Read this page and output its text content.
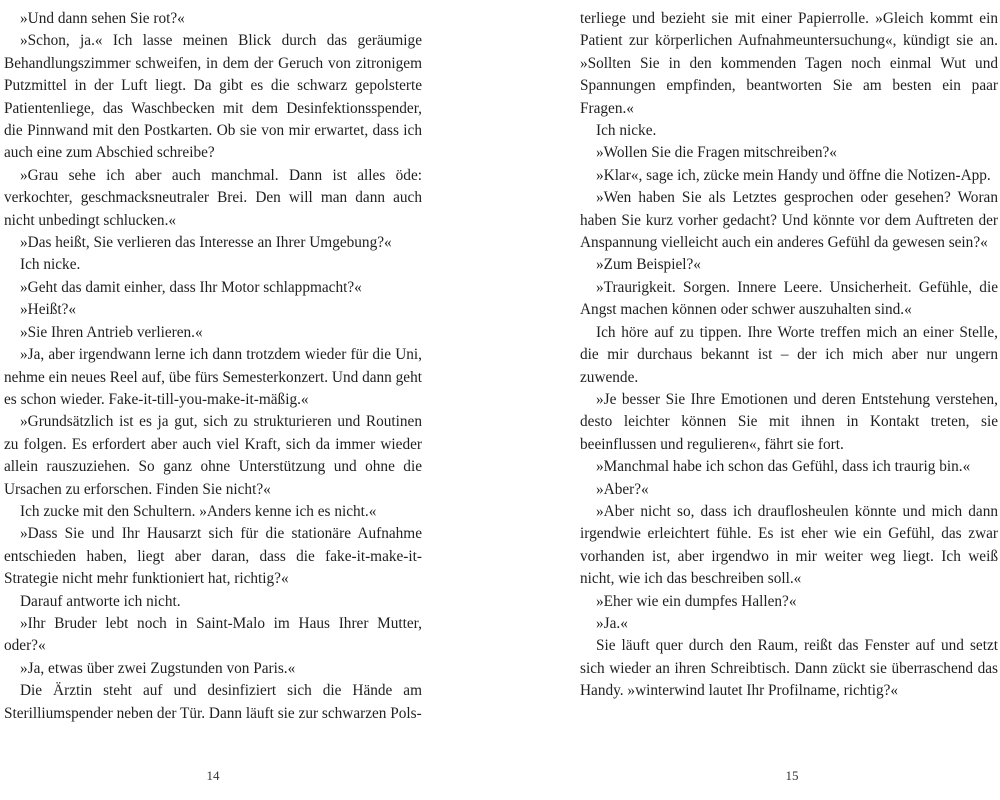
»Und dann sehen Sie rot?«

»Schon, ja.« Ich lasse meinen Blick durch das geräumige Behandlungszimmer schweifen, in dem der Geruch von zitronigem Putzmittel in der Luft liegt. Da gibt es die schwarz gepolsterte Patientenliege, das Waschbecken mit dem Desinfektionsspender, die Pinnwand mit den Postkarten. Ob sie von mir erwartet, dass ich auch eine zum Abschied schreibe?

»Grau sehe ich aber auch manchmal. Dann ist alles öde: verkochter, geschmacksneutraler Brei. Den will man dann auch nicht unbedingt schlucken.«

»Das heißt, Sie verlieren das Interesse an Ihrer Umgebung?«

Ich nicke.

»Geht das damit einher, dass Ihr Motor schlappmacht?«

»Heißt?«

»Sie Ihren Antrieb verlieren.«

»Ja, aber irgendwann lerne ich dann trotzdem wieder für die Uni, nehme ein neues Reel auf, übe fürs Semesterkonzert. Und dann geht es schon wieder. Fake-it-till-you-make-it-mäßig.«

»Grundsätzlich ist es ja gut, sich zu strukturieren und Routinen zu folgen. Es erfordert aber auch viel Kraft, sich da immer wieder allein rauszuziehen. So ganz ohne Unterstützung und ohne die Ursachen zu erforschen. Finden Sie nicht?«

Ich zucke mit den Schultern. »Anders kenne ich es nicht.«

»Dass Sie und Ihr Hausarzt sich für die stationäre Aufnahme entschieden haben, liegt aber daran, dass die fake-it-make-it-Strategie nicht mehr funktioniert hat, richtig?«

Darauf antworte ich nicht.

»Ihr Bruder lebt noch in Saint-Malo im Haus Ihrer Mutter, oder?«

»Ja, etwas über zwei Zugstunden von Paris.«

Die Ärztin steht auf und desinfiziert sich die Hände am Sterilliumspender neben der Tür. Dann läuft sie zur schwarzen Pols-

14

terliege und bezieht sie mit einer Papierrolle. »Gleich kommt ein Patient zur körperlichen Aufnahmeuntersuchung«, kündigt sie an. »Sollten Sie in den kommenden Tagen noch einmal Wut und Spannungen empfinden, beantworten Sie am besten ein paar Fragen.«

Ich nicke.

»Wollen Sie die Fragen mitschreiben?«

»Klar«, sage ich, zücke mein Handy und öffne die Notizen-App.

»Wen haben Sie als Letztes gesprochen oder gesehen? Woran haben Sie kurz vorher gedacht? Und könnte vor dem Auftreten der Anspannung vielleicht auch ein anderes Gefühl da gewesen sein?«

»Zum Beispiel?«

»Traurigkeit. Sorgen. Innere Leere. Unsicherheit. Gefühle, die Angst machen können oder schwer auszuhalten sind.«

Ich höre auf zu tippen. Ihre Worte treffen mich an einer Stelle, die mir durchaus bekannt ist – der ich mich aber nur ungern zuwende.

»Je besser Sie Ihre Emotionen und deren Entstehung verstehen, desto leichter können Sie mit ihnen in Kontakt treten, sie beeinflussen und regulieren«, fährt sie fort.

»Manchmal habe ich schon das Gefühl, dass ich traurig bin.«

»Aber?«

»Aber nicht so, dass ich drauflosheulen könnte und mich dann irgendwie erleichtert fühle. Es ist eher wie ein Gefühl, das zwar vorhanden ist, aber irgendwo in mir weiter weg liegt. Ich weiß nicht, wie ich das beschreiben soll.«

»Eher wie ein dumpfes Hallen?«

»Ja.«

Sie läuft quer durch den Raum, reißt das Fenster auf und setzt sich wieder an ihren Schreibtisch. Dann zückt sie überraschend das Handy. »winterwind lautet Ihr Profilname, richtig?«

15
